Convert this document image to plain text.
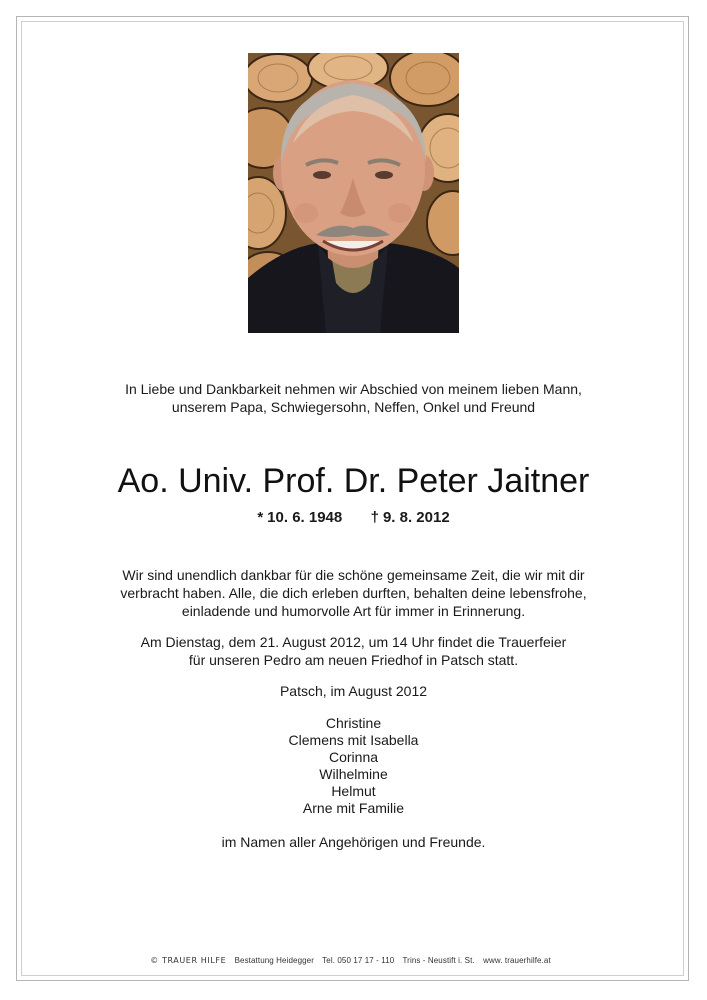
In Liebe und Dankbarkeit nehmen wir Abschied von meinem lieben Mann,
unserem Papa, Schwiegersohn, Neffen, Onkel und Freund
Ao. Univ. Prof. Dr. Peter Jaitner
* 10. 6. 1948 † 9. 8. 2012
Wir sind unendlich dankbar für die schöne gemeinsame Zeit, die wir mit dir
verbracht haben. Alle, die dich erleben durften, behalten deine lebensfrohe,
einladende und humorvolle Art für immer in Erinnerung.
Am Dienstag, dem 21. August 2012, um 14 Uhr findet die Trauerfeier
für unseren Pedro am neuen Friedhof in Patsch statt.
Patsch, im August 2012
Christine
Clemens mit Isabella
Corinna
Wilhelmine
Helmut
Arne mit Familie
im Namen aller Angehörigen und Freunde.
© TRAUER HILFE Bestattung Heidegger Tel. 050 17 17 - 110 Trins - Neustift i. St. www. trauerhilfe.at
